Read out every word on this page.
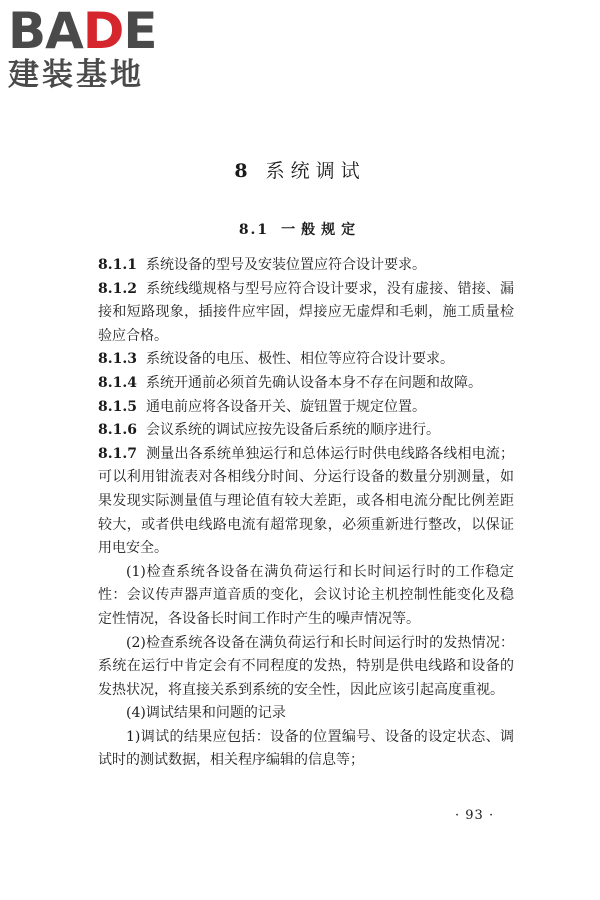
BADE
建装基地
8 系统调试
8.1 一般规定

8.1.1 系统设备的型号及安装位置应符合设计要求。

8.1.2 系统线缆规格与型号应符合设计要求，没有虚接、错接、漏接和短路现象，插接件应牢固，焊接应无虚焊和毛刺，施工质量检验应合格。

8.1.3 系统设备的电压、极性、相位等应符合设计要求。

8.1.4 系统开通前必须首先确认设备本身不存在问题和故障。

8.1.5 通电前应将各设备开关、旋钮置于规定位置。

8.1.6 会议系统的调试应按先设备后系统的顺序进行。

8.1.7 测量出各系统单独运行和总体运行时供电线路各线相电流；可以利用钳流表对各相线分时间、分运行设备的数量分别测量，如果发现实际测量值与理论值有较大差距，或各相电流分配比例差距较大，或者供电线路电流有超常现象，必须重新进行整改，以保证用电安全。

(1)检查系统各设备在满负荷运行和长时间运行时的工作稳定性：会议传声器声道音质的变化，会议讨论主机控制性能变化及稳定性情况，各设备长时间工作时产生的噪声情况等。

(2)检查系统各设备在满负荷运行和长时间运行时的发热情况：系统在运行中肯定会有不同程度的发热，特别是供电线路和设备的发热状况，将直接关系到系统的安全性，因此应该引起高度重视。

(4)调试结果和问题的记录

1)调试的结果应包括：设备的位置编号、设备的设定状态、调试时的测试数据，相关程序编辑的信息等；

· 93 ·
